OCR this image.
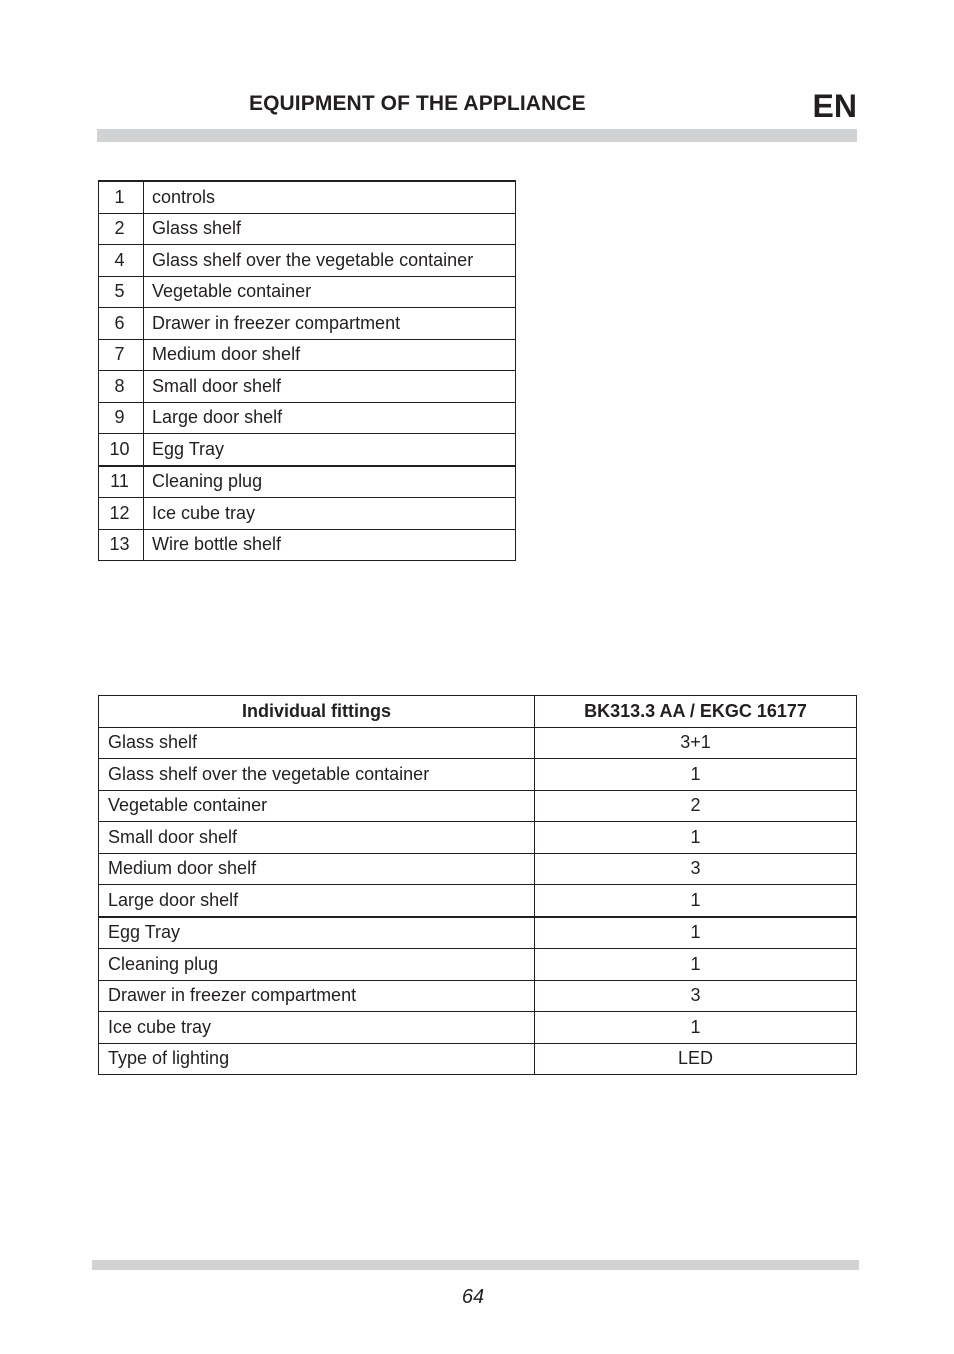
EQUIPMENT OF THE APPLIANCE	EN
1	controls
2	Glass shelf
4	Glass shelf over the vegetable container
5	Vegetable container
6	Drawer in freezer compartment
7	Medium door shelf
8	Small door shelf
9	Large door shelf
10	Egg Tray
11	Cleaning plug
12	Ice cube tray
13	Wire bottle shelf
Individual fittings	BK313.3 AA / EKGC 16177
Glass shelf	3+1
Glass shelf over the vegetable container	1
Vegetable container	2
Small door shelf	1
Medium door shelf	3
Large door shelf	1
Egg Tray	1
Cleaning plug	1
Drawer in freezer compartment	3
Ice cube tray	1
Type of lighting	LED
64
